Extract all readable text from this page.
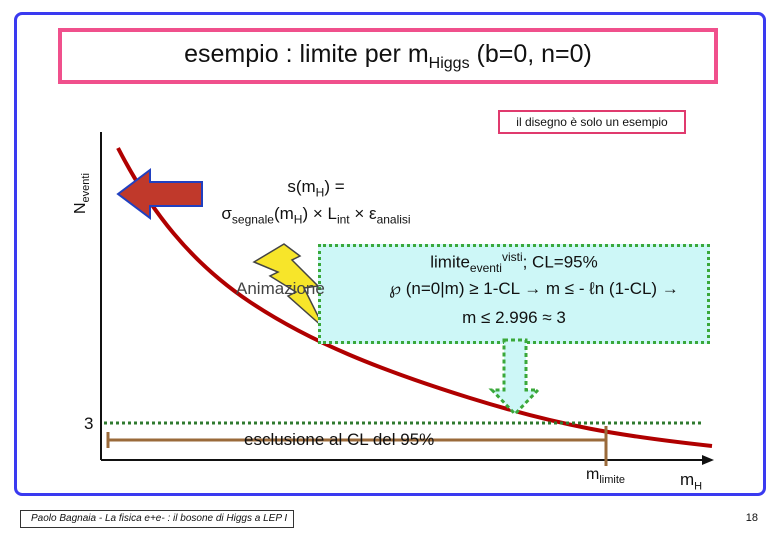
esempio : limite per $m_{Higgs}$ (b=0, n=0)
il disegno è solo un esempio
$N_{eventi}$	$s(m_H)$ =
$\sigma_{segnale}(m_H) \times L_{int} \times \varepsilon_{analisi}$
limite$_{eventi}^{visti}$; CL=95%
℘ (n=0|m) ≥ 1-CL → m ≤ - ℓn (1-CL) →
m ≤ 2.996 ≈ 3
Animazione
3
esclusione al CL del 95%
$m_{limite}$	$m_H$
Paolo Bagnaia - La fisica e+e- : il bosone di Higgs a LEP I	18
